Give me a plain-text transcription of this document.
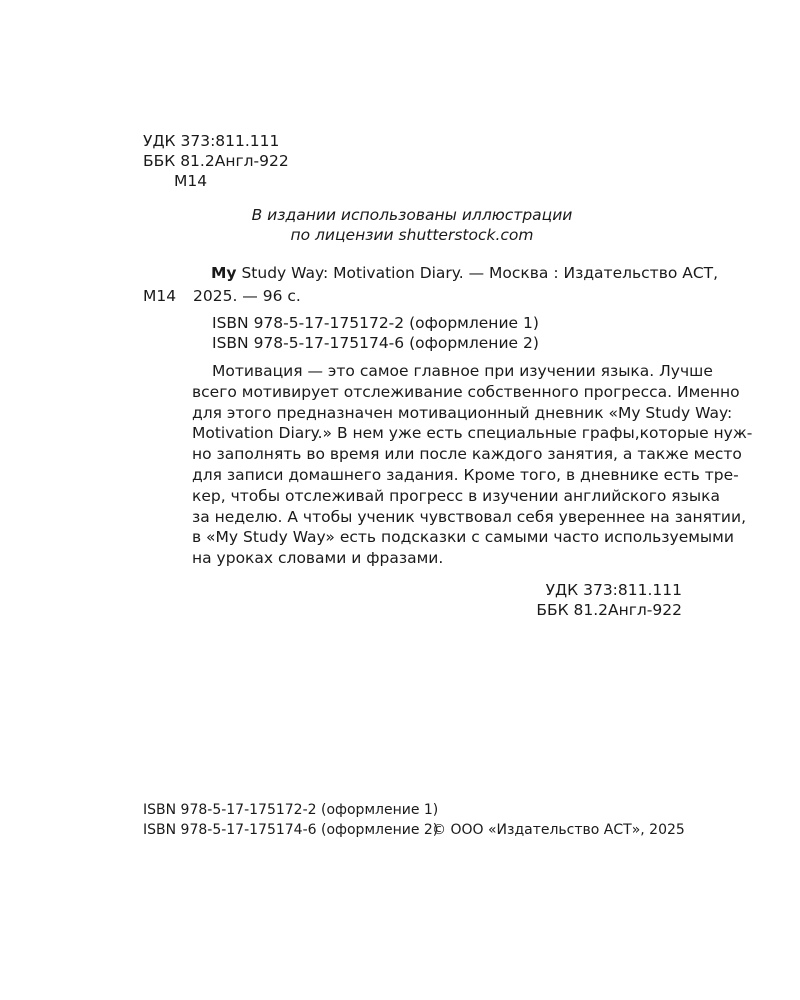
УДК 373:811.111
ББК 81.2Англ-922
М14
В издании использованы иллюстрации
по лицензии shutterstock.com
My Study Way: Motivation Diary. — Москва : Издательство АСТ,
М14 2025. — 96 с.
ISBN 978-5-17-175172-2 (оформление 1)
ISBN 978-5-17-175174-6 (оформление 2)
Мотивация — это самое главное при изучении языка. Лучше
всего мотивирует отслеживание собственного прогресса. Именно
для этого предназначен мотивационный дневник «My Study Way:
Motivation Diary.» В нем уже есть специальные графы,которые нуж-
но заполнять во время или после каждого занятия, а также место
для записи домашнего задания. Кроме того, в дневнике есть тре-
кер, чтобы отслеживай прогресс в изучении английского языка
за неделю. А чтобы ученик чувствовал себя увереннее на занятии,
в «My Study Way» есть подсказки с самыми часто используемыми
на уроках словами и фразами.
УДК 373:811.111
ББК 81.2Англ-922
ISBN 978-5-17-175172-2 (оформление 1)
ISBN 978-5-17-175174-6 (оформление 2)
© ООО «Издательство АСТ», 2025
